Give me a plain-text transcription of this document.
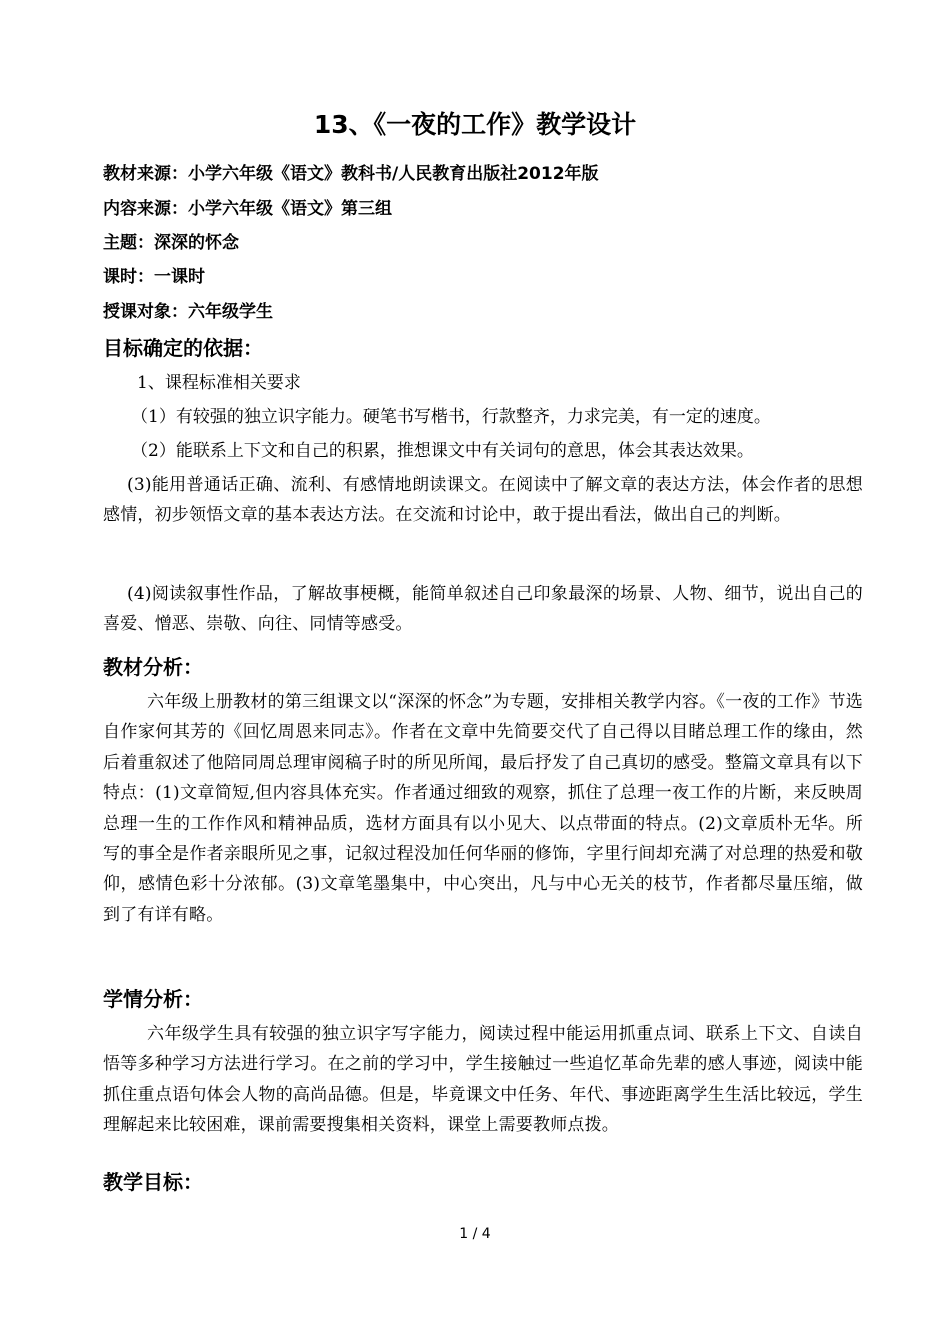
13、《一夜的工作》教学设计
教材来源：小学六年级《语文》教科书/人民教育出版社2012年版
内容来源：小学六年级《语文》第三组
主题：深深的怀念
课时：一课时
授课对象：六年级学生
目标确定的依据：
1、课程标准相关要求
（1）有较强的独立识字能力。硬笔书写楷书，行款整齐，力求完美，有一定的速度。
（2）能联系上下文和自己的积累，推想课文中有关词句的意思，体会其表达效果。
(3)能用普通话正确、流利、有感情地朗读课文。在阅读中了解文章的表达方法，体会作者的思想感情，初步领悟文章的基本表达方法。在交流和讨论中，敢于提出看法，做出自己的判断。
(4)阅读叙事性作品，了解故事梗概，能简单叙述自己印象最深的场景、人物、细节，说出自己的喜爱、憎恶、崇敬、向往、同情等感受。
教材分析：
六年级上册教材的第三组课文以“深深的怀念”为专题，安排相关教学内容。《一夜的工作》节选自作家何其芳的《回忆周恩来同志》。作者在文章中先简要交代了自己得以目睹总理工作的缘由，然后着重叙述了他陪同周总理审阅稿子时的所见所闻，最后抒发了自己真切的感受。整篇文章具有以下特点：(1)文章简短,但内容具体充实。作者通过细致的观察，抓住了总理一夜工作的片断，来反映周总理一生的工作作风和精神品质，选材方面具有以小见大、以点带面的特点。(2)文章质朴无华。所写的事全是作者亲眼所见之事，记叙过程没加任何华丽的修饰，字里行间却充满了对总理的热爱和敬仰，感情色彩十分浓郁。(3)文章笔墨集中，中心突出，凡与中心无关的枝节，作者都尽量压缩，做到了有详有略。
学情分析：
六年级学生具有较强的独立识字写字能力，阅读过程中能运用抓重点词、联系上下文、自读自悟等多种学习方法进行学习。在之前的学习中，学生接触过一些追忆革命先辈的感人事迹，阅读中能抓住重点语句体会人物的高尚品德。但是，毕竟课文中任务、年代、事迹距离学生生活比较远，学生理解起来比较困难，课前需要搜集相关资料，课堂上需要教师点拨。
教学目标：
1 / 4
